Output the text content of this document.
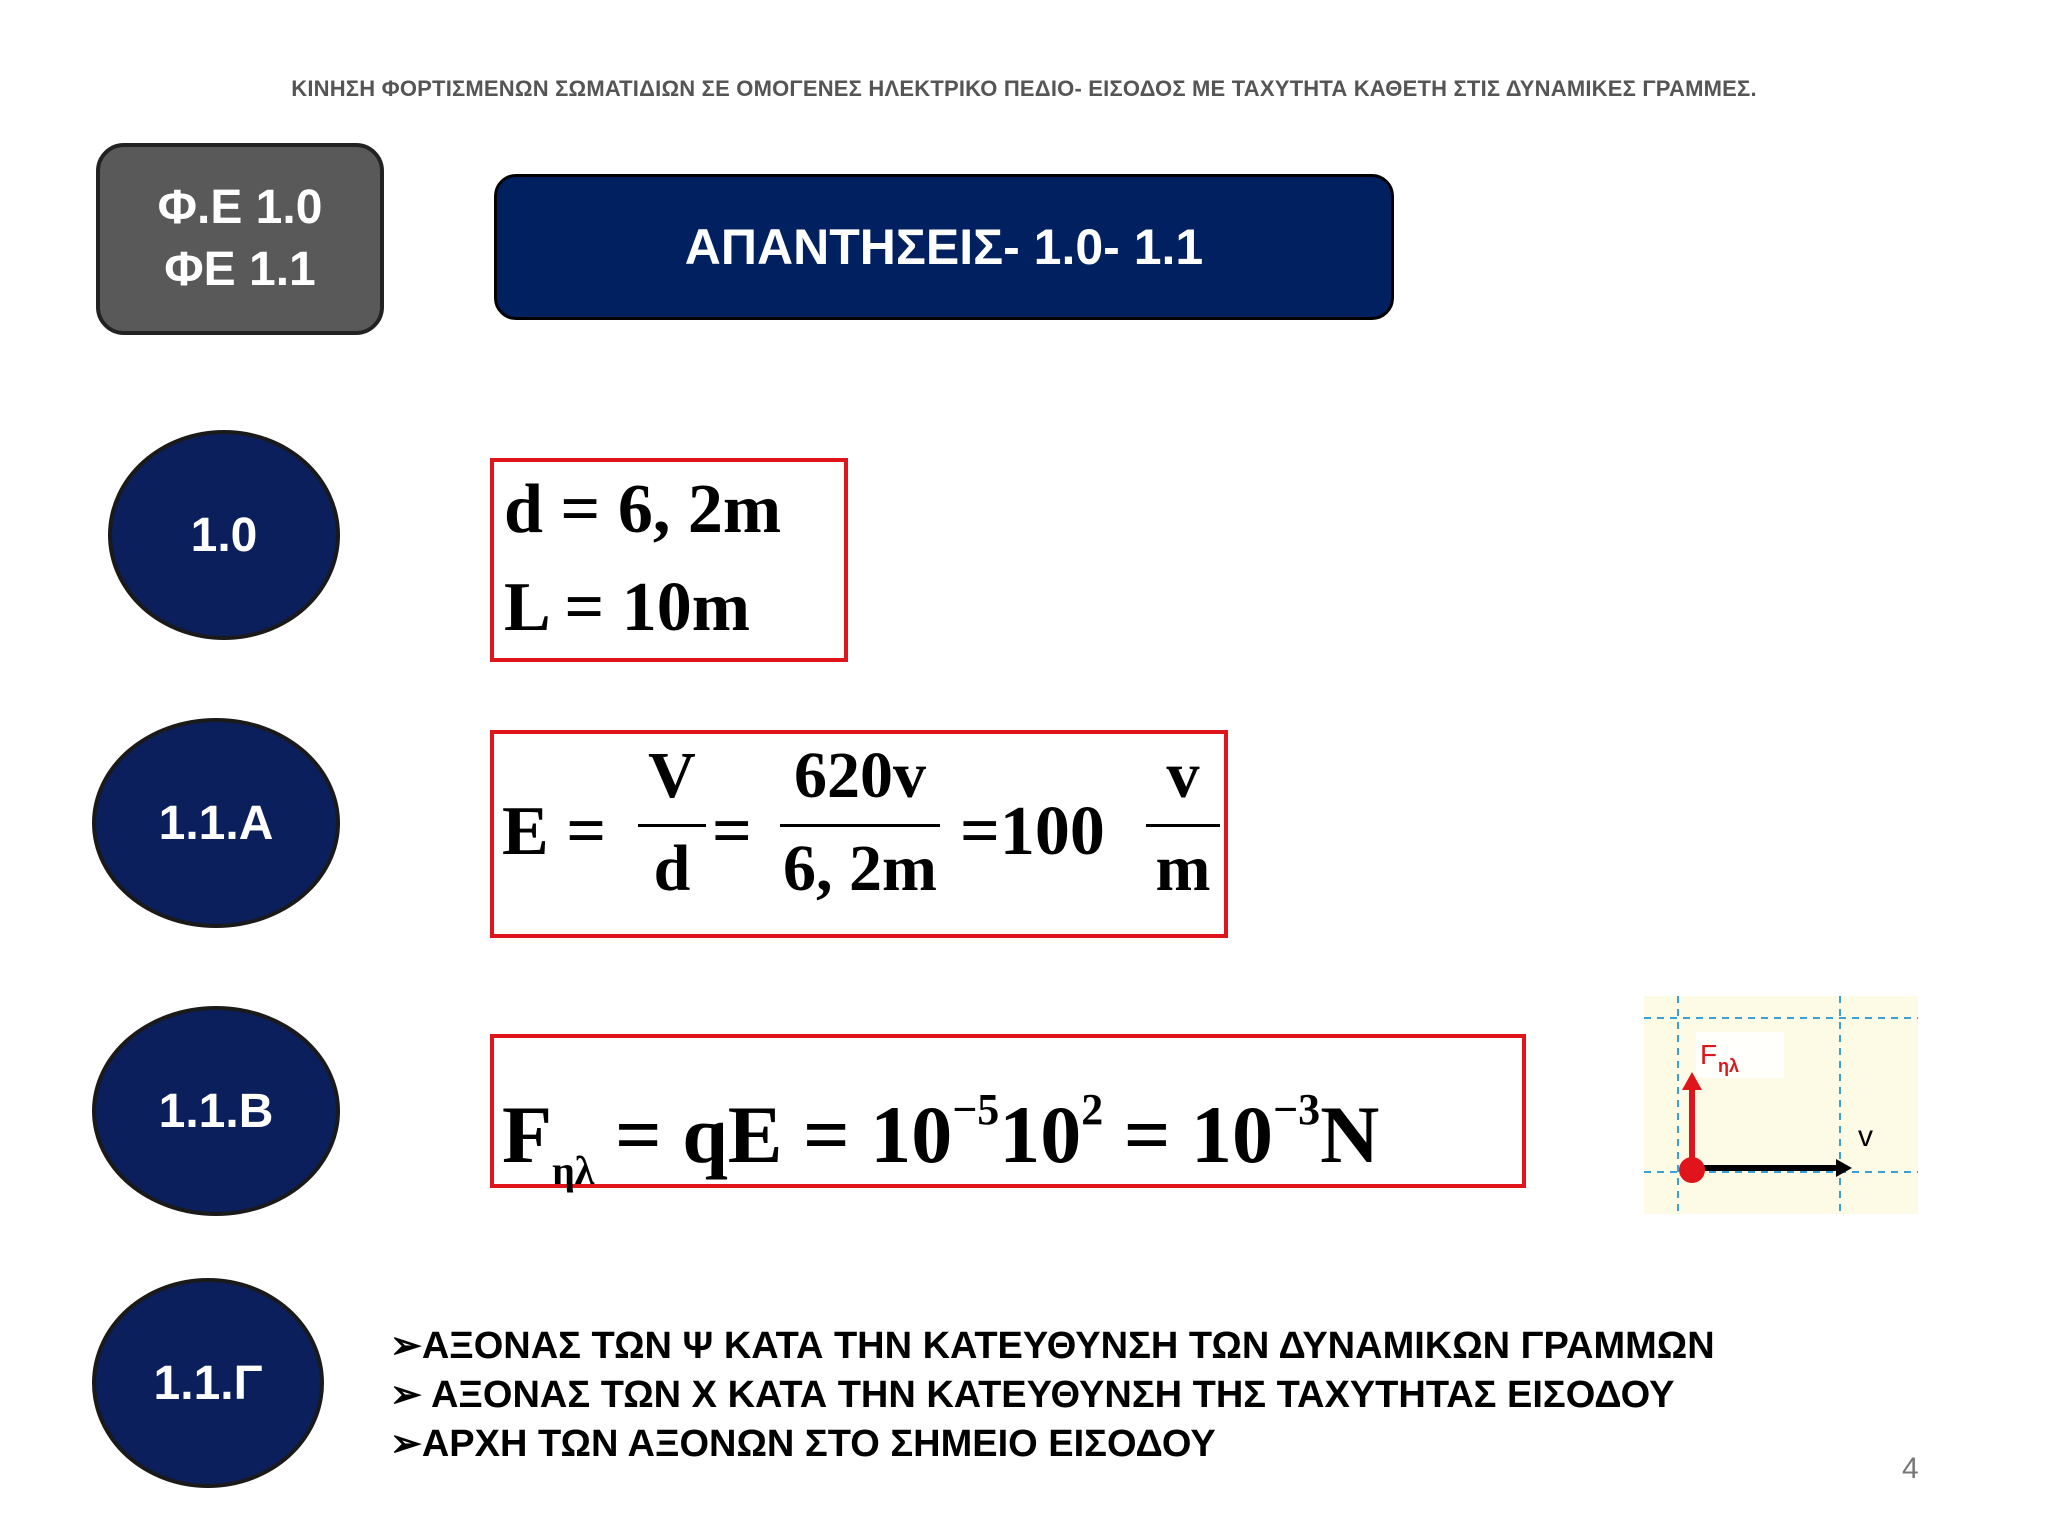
ΚΙΝΗΣΗ ΦΟΡΤΙΣΜΕΝΩΝ ΣΩΜΑΤΙΔΙΩΝ ΣΕ ΟΜΟΓΕΝΕΣ ΗΛΕΚΤΡΙΚΟ ΠΕΔΙΟ- ΕΙΣΟΔΟΣ ΜΕ ΤΑΧΥΤΗΤΑ ΚΑΘΕΤΗ ΣΤΙΣ ΔΥΝΑΜΙΚΕΣ ΓΡΑΜΜΕΣ.
Φ.Ε 1.0
ΦΕ 1.1	ΑΠΑΝΤΗΣΕΙΣ- 1.0- 1.1
1.0
1.1.Α
1.1.Β
1.1.Γ
d = 6, 2m
L = 10m
E =
V
d =
620v
6, 2m =100
v
m
$F_{\eta\lambda}$ = qE = $10^{-5}10^2 = 10^{-3}N$
F ηλ
v
➢ΑΞΟΝΑΣ ΤΩΝ Ψ ΚΑΤΑ ΤΗΝ ΚΑΤΕΥΘΥΝΣΗ ΤΩΝ ΔΥΝΑΜΙΚΩΝ ΓΡΑΜΜΩΝ
➢ ΑΞΟΝΑΣ ΤΩΝ Χ ΚΑΤΑ ΤΗΝ ΚΑΤΕΥΘΥΝΣΗ ΤΗΣ ΤΑΧΥΤΗΤΑΣ ΕΙΣΟΔΟΥ
➢ΑΡΧΗ ΤΩΝ ΑΞΟΝΩΝ ΣΤΟ ΣΗΜΕΙΟ ΕΙΣΟΔΟΥ
4
